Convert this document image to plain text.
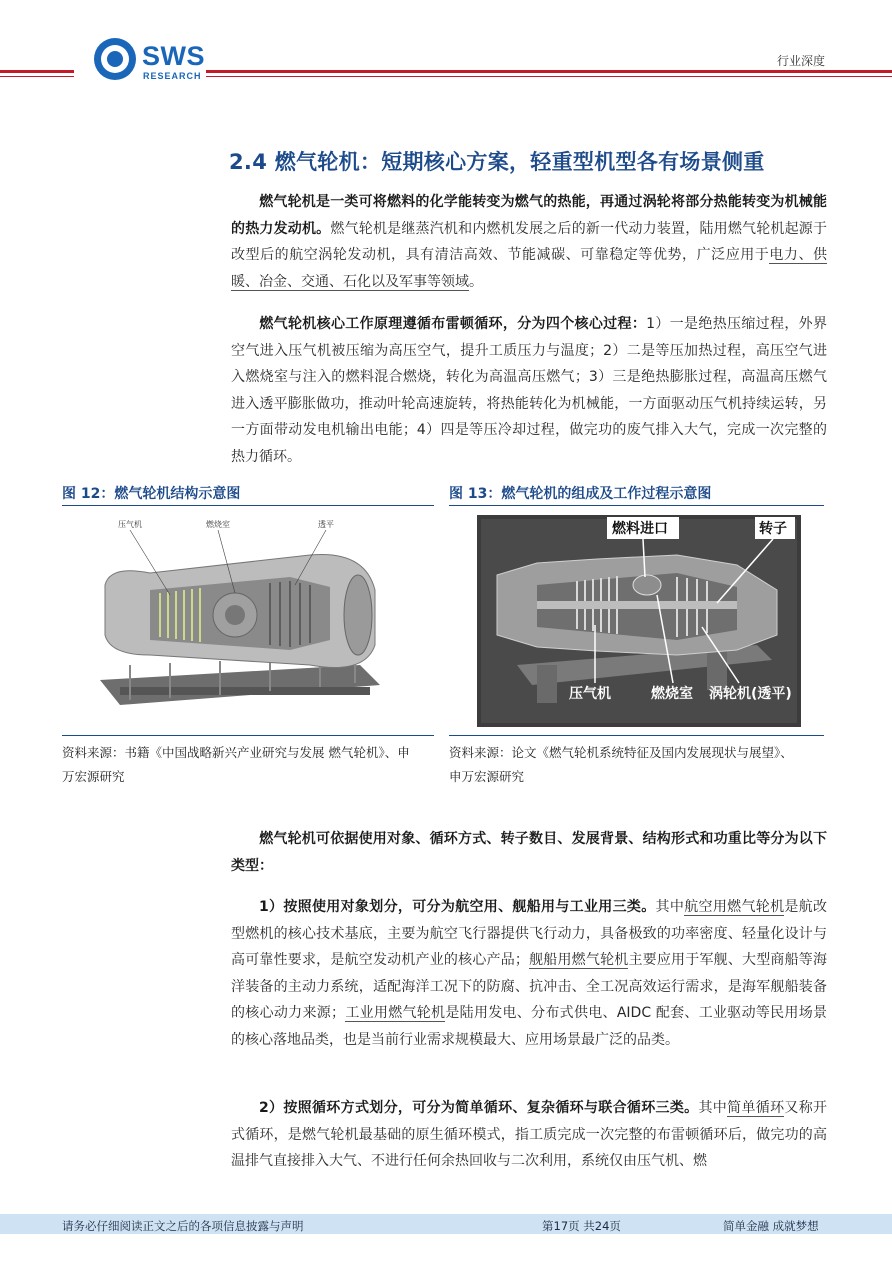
SWS
RESEARCH
行业深度
2.4 燃气轮机：短期核心方案，轻重型机型各有场景侧重
燃气轮机是一类可将燃料的化学能转变为燃气的热能，再通过涡轮将部分热能转变为机械能的热力发动机。燃气轮机是继蒸汽机和内燃机发展之后的新一代动力装置，陆用燃气轮机起源于改型后的航空涡轮发动机，具有清洁高效、节能减碳、可靠稳定等优势，广泛应用于电力、供暖、冶金、交通、石化以及军事等领域。
燃气轮机核心工作原理遵循布雷顿循环，分为四个核心过程：1）一是绝热压缩过程，外界空气进入压气机被压缩为高压空气，提升工质压力与温度；2）二是等压加热过程，高压空气进入燃烧室与注入的燃料混合燃烧，转化为高温高压燃气；3）三是绝热膨胀过程，高温高压燃气进入透平膨胀做功，推动叶轮高速旋转，将热能转化为机械能，一方面驱动压气机持续运转，另一方面带动发电机输出电能；4）四是等压冷却过程，做完功的废气排入大气，完成一次完整的热力循环。
图 12：燃气轮机结构示意图
压气机	燃烧室	透平
资料来源：书籍《中国战略新兴产业研究与发展 燃气轮机》、申万宏源研究
图 13：燃气轮机的组成及工作过程示意图
燃料进口	转子
压气机	燃烧室 涡轮机(透平)
资料来源：论文《燃气轮机系统特征及国内发展现状与展望》、申万宏源研究
燃气轮机可依据使用对象、循环方式、转子数目、发展背景、结构形式和功重比等分为以下类型：
1）按照使用对象划分，可分为航空用、舰船用与工业用三类。其中航空用燃气轮机是航改型燃机的核心技术基底，主要为航空飞行器提供飞行动力，具备极致的功率密度、轻量化设计与高可靠性要求，是航空发动机产业的核心产品；舰船用燃气轮机主要应用于军舰、大型商船等海洋装备的主动力系统，适配海洋工况下的防腐、抗冲击、全工况高效运行需求，是海军舰船装备的核心动力来源；工业用燃气轮机是陆用发电、分布式供电、AIDC 配套、工业驱动等民用场景的核心落地品类，也是当前行业需求规模最大、应用场景最广泛的品类。
2）按照循环方式划分，可分为简单循环、复杂循环与联合循环三类。其中简单循环又称开式循环，是燃气轮机最基础的原生循环模式，指工质完成一次完整的布雷顿循环后，做完功的高温排气直接排入大气、不进行任何余热回收与二次利用，系统仅由压气机、燃
请务必仔细阅读正文之后的各项信息披露与声明	第17页 共24页	简单金融 成就梦想
